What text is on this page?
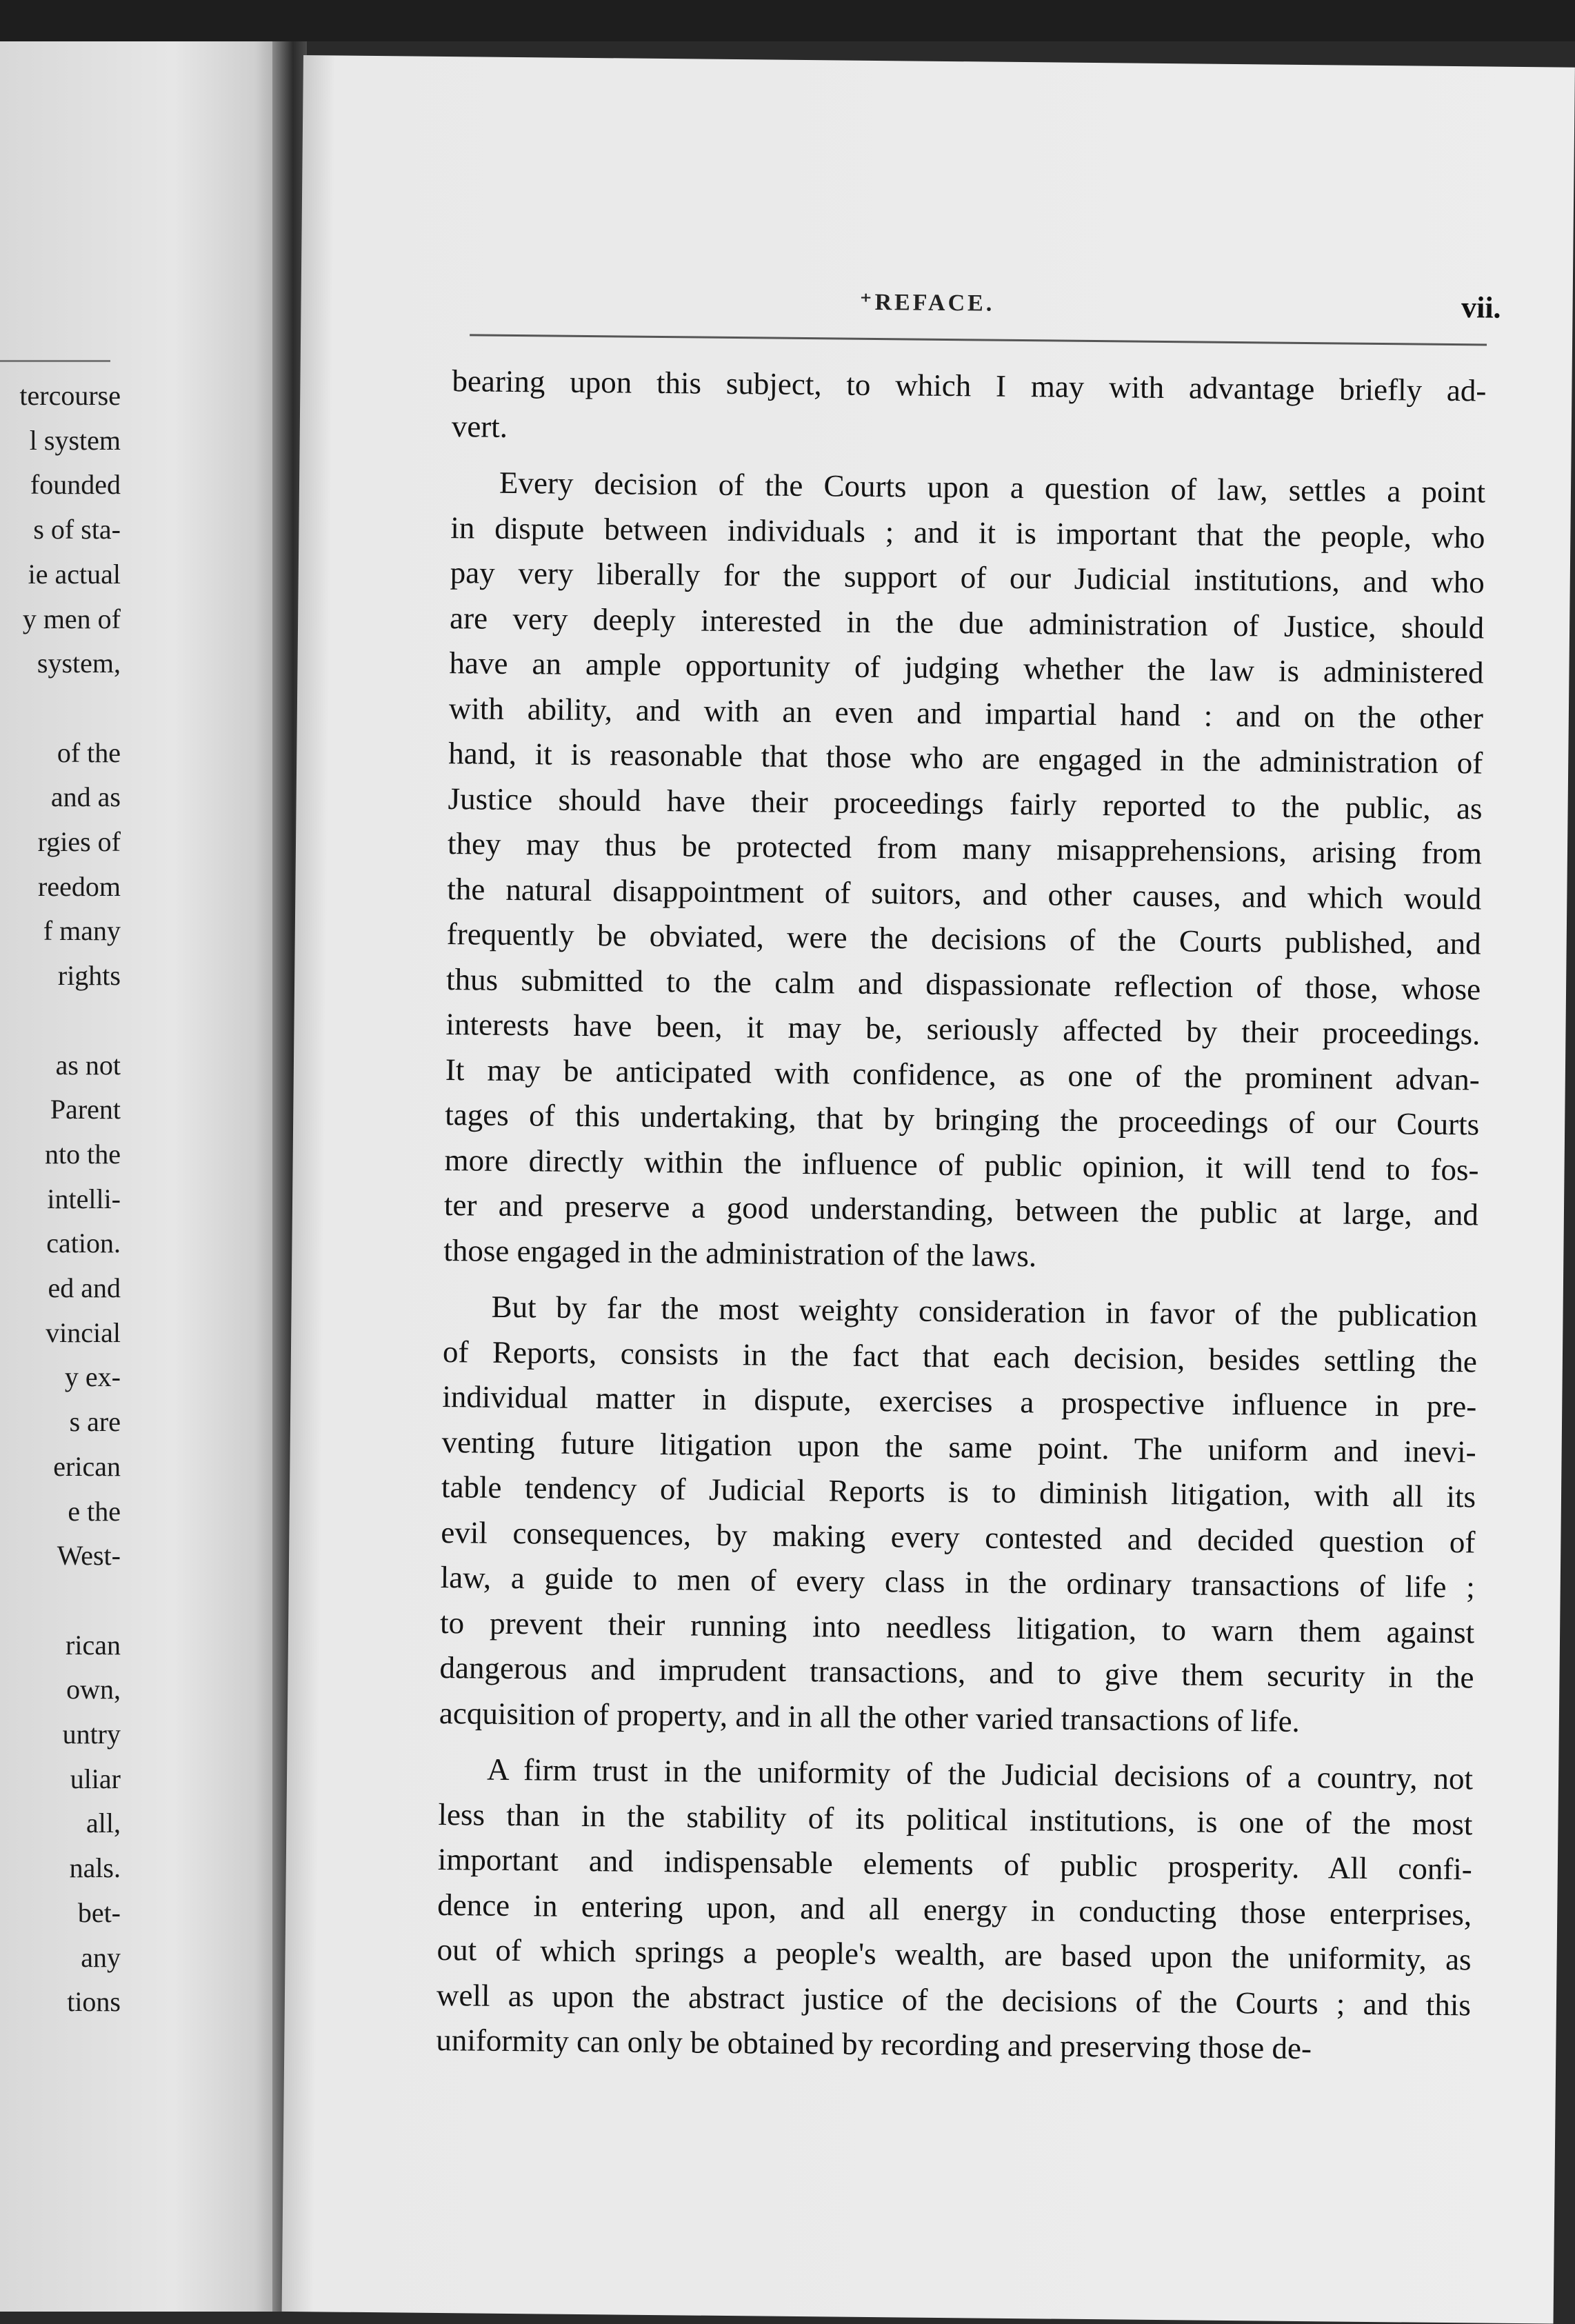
tercourse
l system
founded
s of sta-
ie actual
y men of
system,
of the
and as
rgies of
reedom
f many
rights
as not
Parent
nto the
intelli-
cation.
ed and
vincial
y ex-
s are
erican
e the
West-
rican
own,
untry
uliar
all,
nals.
bet-
any
tions
⁺REFACE.	vii.
bearing upon this subject, to which I may with advantage briefly ad-
vert.
Every decision of the Courts upon a question of law, settles a point
in dispute between individuals ; and it is important that the people, who
pay very liberally for the support of our Judicial institutions, and who
are very deeply interested in the due administration of Justice, should
have an ample opportunity of judging whether the law is administered
with ability, and with an even and impartial hand : and on the other
hand, it is reasonable that those who are engaged in the administration of
Justice should have their proceedings fairly reported to the public, as
they may thus be protected from many misapprehensions, arising from
the natural disappointment of suitors, and other causes, and which would
frequently be obviated, were the decisions of the Courts published, and
thus submitted to the calm and dispassionate reflection of those, whose
interests have been, it may be, seriously affected by their proceedings.
It may be anticipated with confidence, as one of the prominent advan-
tages of this undertaking, that by bringing the proceedings of our Courts
more directly within the influence of public opinion, it will tend to fos-
ter and preserve a good understanding, between the public at large, and
those engaged in the administration of the laws.
But by far the most weighty consideration in favor of the publication
of Reports, consists in the fact that each decision, besides settling the
individual matter in dispute, exercises a prospective influence in pre-
venting future litigation upon the same point. The uniform and inevi-
table tendency of Judicial Reports is to diminish litigation, with all its
evil consequences, by making every contested and decided question of
law, a guide to men of every class in the ordinary transactions of life ;
to prevent their running into needless litigation, to warn them against
dangerous and imprudent transactions, and to give them security in the
acquisition of property, and in all the other varied transactions of life.
A firm trust in the uniformity of the Judicial decisions of a country, not
less than in the stability of its political institutions, is one of the most
important and indispensable elements of public prosperity. All confi-
dence in entering upon, and all energy in conducting those enterprises,
out of which springs a people's wealth, are based upon the uniformity, as
well as upon the abstract justice of the decisions of the Courts ; and this
uniformity can only be obtained by recording and preserving those de-
